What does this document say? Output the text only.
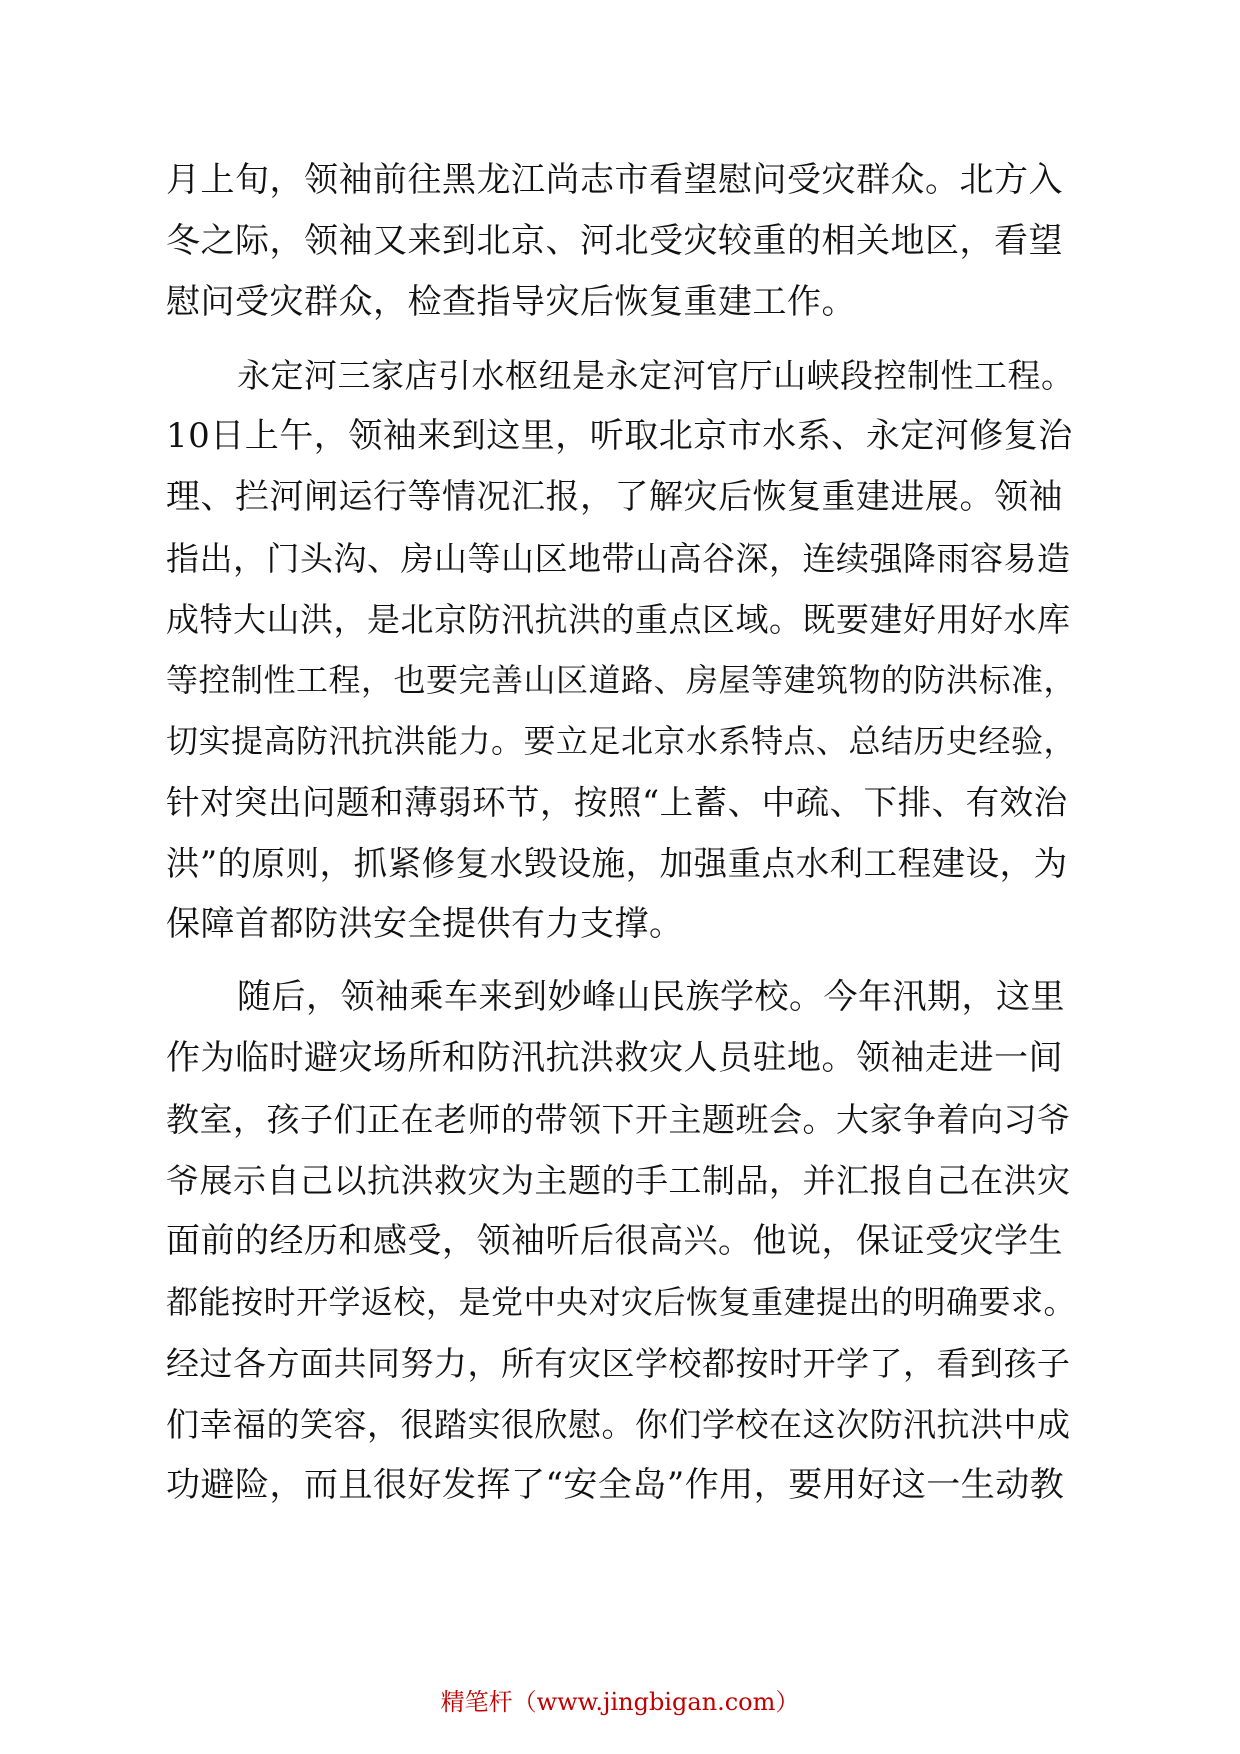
月上旬，领袖前往黑龙江尚志市看望慰问受灾群众。北方入
冬之际，领袖又来到北京、河北受灾较重的相关地区，看望
慰问受灾群众，检查指导灾后恢复重建工作。
永定河三家店引水枢纽是永定河官厅山峡段控制性工程。
10日上午，领袖来到这里，听取北京市水系、永定河修复治
理、拦河闸运行等情况汇报，了解灾后恢复重建进展。领袖
指出，门头沟、房山等山区地带山高谷深，连续强降雨容易造
成特大山洪，是北京防汛抗洪的重点区域。既要建好用好水库
等控制性工程，也要完善山区道路、房屋等建筑物的防洪标准，
切实提高防汛抗洪能力。要立足北京水系特点、总结历史经验，
针对突出问题和薄弱环节，按照“上蓄、中疏、下排、有效治
洪”的原则，抓紧修复水毁设施，加强重点水利工程建设，为
保障首都防洪安全提供有力支撑。
随后，领袖乘车来到妙峰山民族学校。今年汛期，这里
作为临时避灾场所和防汛抗洪救灾人员驻地。领袖走进一间
教室，孩子们正在老师的带领下开主题班会。大家争着向习爷
爷展示自己以抗洪救灾为主题的手工制品，并汇报自己在洪灾
面前的经历和感受，领袖听后很高兴。他说，保证受灾学生
都能按时开学返校，是党中央对灾后恢复重建提出的明确要求。
经过各方面共同努力，所有灾区学校都按时开学了，看到孩子
们幸福的笑容，很踏实很欣慰。你们学校在这次防汛抗洪中成
功避险，而且很好发挥了“安全岛”作用，要用好这一生动教
精笔杆（www.jingbigan.com）
